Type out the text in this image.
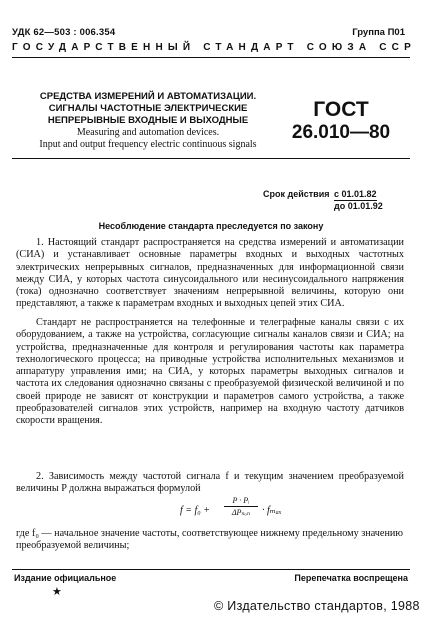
УДК 62—503 : 006.354	Группа П01
ГОСУДАРСТВЕННЫЙ СТАНДАРТ СОЮЗА ССР
СРЕДСТВА ИЗМЕРЕНИЙ И АВТОМАТИЗАЦИИ.
СИГНАЛЫ ЧАСТОТНЫЕ ЭЛЕКТРИЧЕСКИЕ
НЕПРЕРЫВНЫЕ ВХОДНЫЕ И ВЫХОДНЫЕ
Measuring and automation devices.
Input and output frequency electric continuous signals
ГОСТ
26.010—80
Срок действия с 01.01.82
до 01.01.92
Несоблюдение стандарта преследуется по закону

1. Настоящий стандарт распространяется на средства измерений и автоматизации (СИА) и устанавливает основные параметры входных и выходных частотных электрических непрерывных сигналов, предназначенных для информационной связи между СИА, у которых частота синусоидального или несинусоидального напряжения (тока) однозначно соответствует значениям непрерывной величины, которую они представляют, а также к параметрам входных и выходных цепей этих СИА.

Стандарт не распространяется на телефонные и телеграфные каналы связи с их оборудованием, а также на устройства, согласующие сигналы каналов связи и СИА; на устройства, предназначенные для контроля и регулирования частоты как параметра технологического процесса; на приводные устройства исполнительных механизмов и аппаратуру управления ими; на СИА, у которых параметры выходных сигналов и частота их следования однозначно связаны с преобразуемой физической величиной и по своей природе не зависят от конструкции и параметров самого устройства, а также преобразователей сигналов этих устройств, например на входную частоту датчиков скорости вращения.

2. Зависимость между частотой сигнала f и текущим значением преобразуемой величины P должна выражаться формулой

f = f₀ +
P · Pᵢ
ΔPₙₒₙ	· fₘₐₓ
где f₀ — начальное значение частоты, соответствующее нижнему предельному значению преобразуемой величины;
Издание официальное
★
Перепечатка воспрещена
© Издательство стандартов, 1988
